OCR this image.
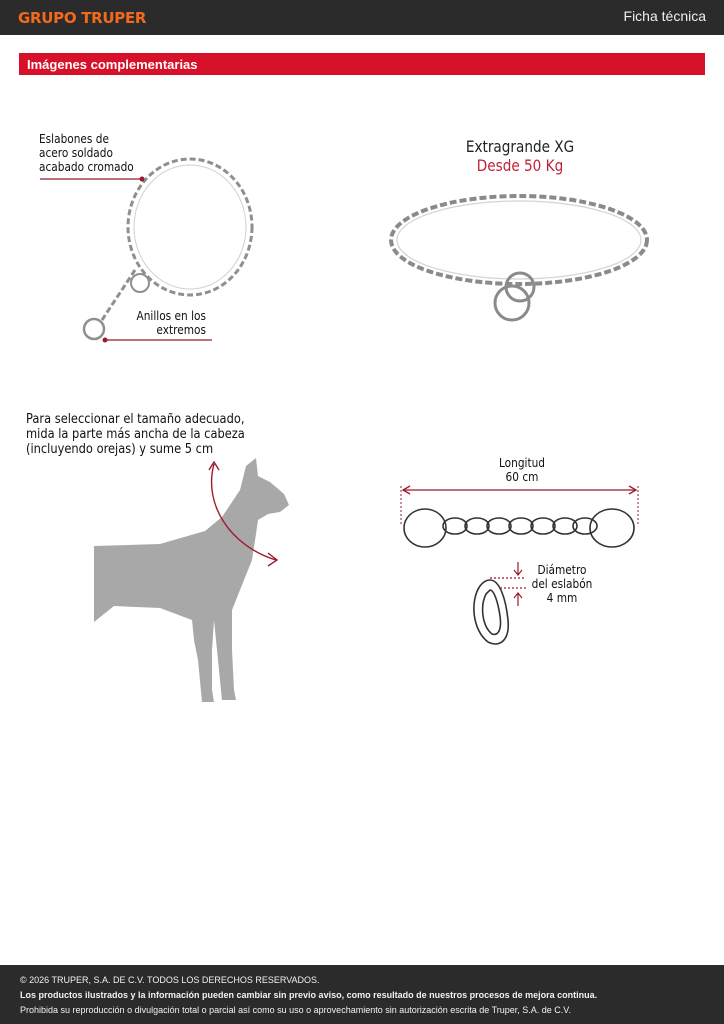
GRUPO TRUPER	Ficha técnica
Imágenes complementarias
Eslabones de
acero soldado
acabado cromado
Anillos en los
extremos
Extragrande XG
Desde 50 Kg
Para seleccionar el tamaño adecuado,
mida la parte más ancha de la cabeza
(incluyendo orejas) y sume 5 cm
Longitud
60 cm
Diámetro
del eslabón
4 mm
© 2026 TRUPER, S.A. DE C.V. TODOS LOS DERECHOS RESERVADOS.
Los productos ilustrados y la información pueden cambiar sin previo aviso, como resultado de nuestros procesos de mejora continua.
Prohibida su reproducción o divulgación total o parcial así como su uso o aprovechamiento sin autorización escrita de Truper, S.A. de C.V.
